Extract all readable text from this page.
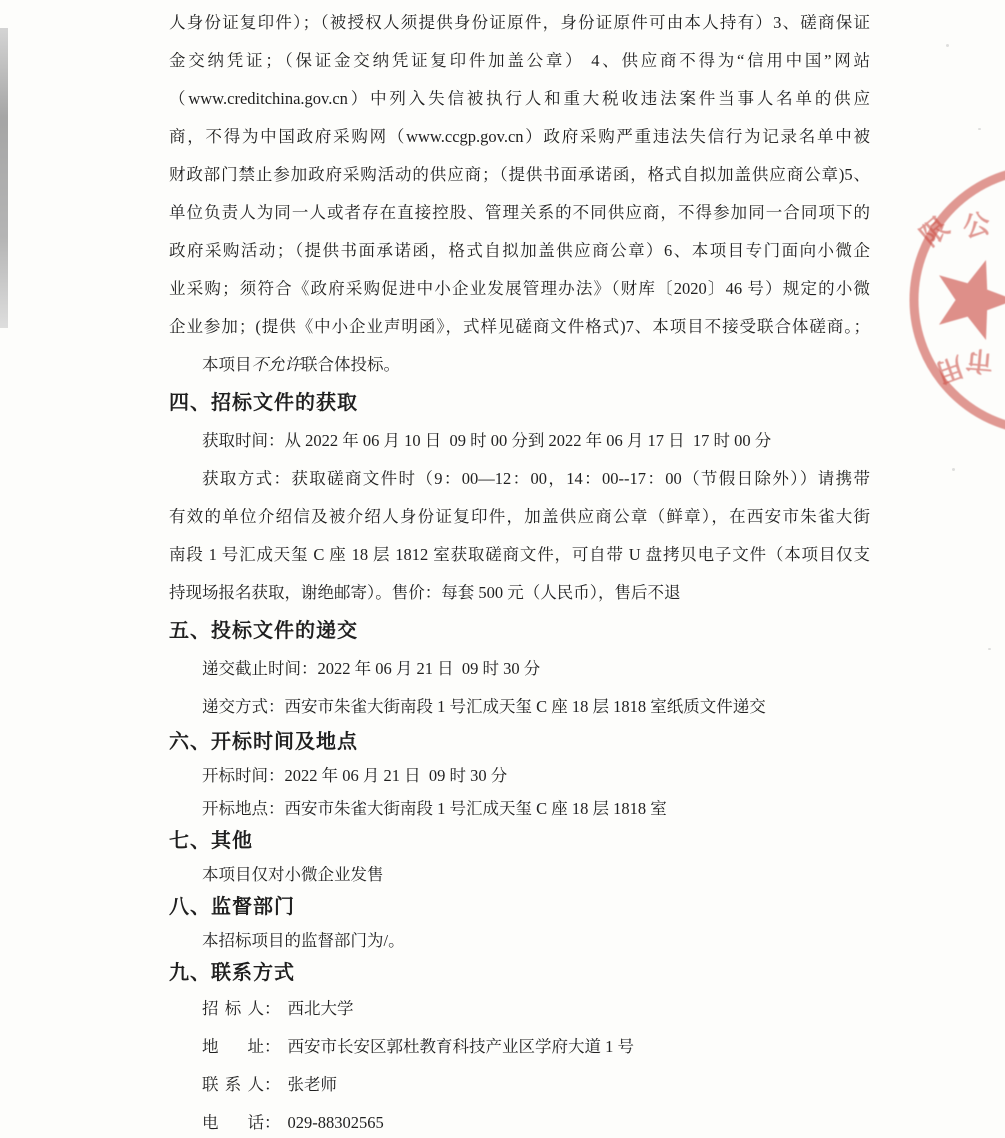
人身份证复印件）；（被授权人须提供身份证原件，身份证原件可由本人持有）3、磋商保证
金交纳凭证；（保证金交纳凭证复印件加盖公章） 4、供应商不得为“信用中国”网站
（www.creditchina.gov.cn）中列入失信被执行人和重大税收违法案件当事人名单的供应
商，不得为中国政府采购网（www.ccgp.gov.cn）政府采购严重违法失信行为记录名单中被
财政部门禁止参加政府采购活动的供应商；（提供书面承诺函，格式自拟加盖供应商公章)5、
单位负责人为同一人或者存在直接控股、管理关系的不同供应商，不得参加同一合同项下的
政府采购活动；（提供书面承诺函，格式自拟加盖供应商公章）6、本项目专门面向小微企
业采购；须符合《政府采购促进中小企业发展管理办法》（财库〔2020〕46 号）规定的小微
企业参加；(提供《中小企业声明函》，式样见磋商文件格式)7、本项目不接受联合体磋商。；
本项目不允许联合体投标。
四、招标文件的获取
获取时间：从 2022 年 06 月 10 日  09 时 00 分到 2022 年 06 月 17 日  17 时 00 分
获取方式：获取磋商文件时（9：00—12：00，14：00--17：00（节假日除外））请携带
有效的单位介绍信及被介绍人身份证复印件，加盖供应商公章（鲜章），在西安市朱雀大街
南段 1 号汇成天玺 C 座 18 层 1812 室获取磋商文件，可自带 U 盘拷贝电子文件（本项目仅支
持现场报名获取，谢绝邮寄）。售价：每套 500 元（人民币），售后不退
五、投标文件的递交
递交截止时间：2022 年 06 月 21 日  09 时 30 分
递交方式：西安市朱雀大街南段 1 号汇成天玺 C 座 18 层 1818 室纸质文件递交
六、开标时间及地点
开标时间：2022 年 06 月 21 日  09 时 30 分
开标地点：西安市朱雀大街南段 1 号汇成天玺 C 座 18 层 1818 室
七、其他
本项目仅对小微企业发售
八、监督部门
本招标项目的监督部门为/。
九、联系方式
招 标 人 ： 西北大学
地 址 ： 西安市长安区郭杜教育科技产业区学府大道 1 号
联 系 人 ： 张老师
电 话 ： 029-88302565
限 公
用
市
